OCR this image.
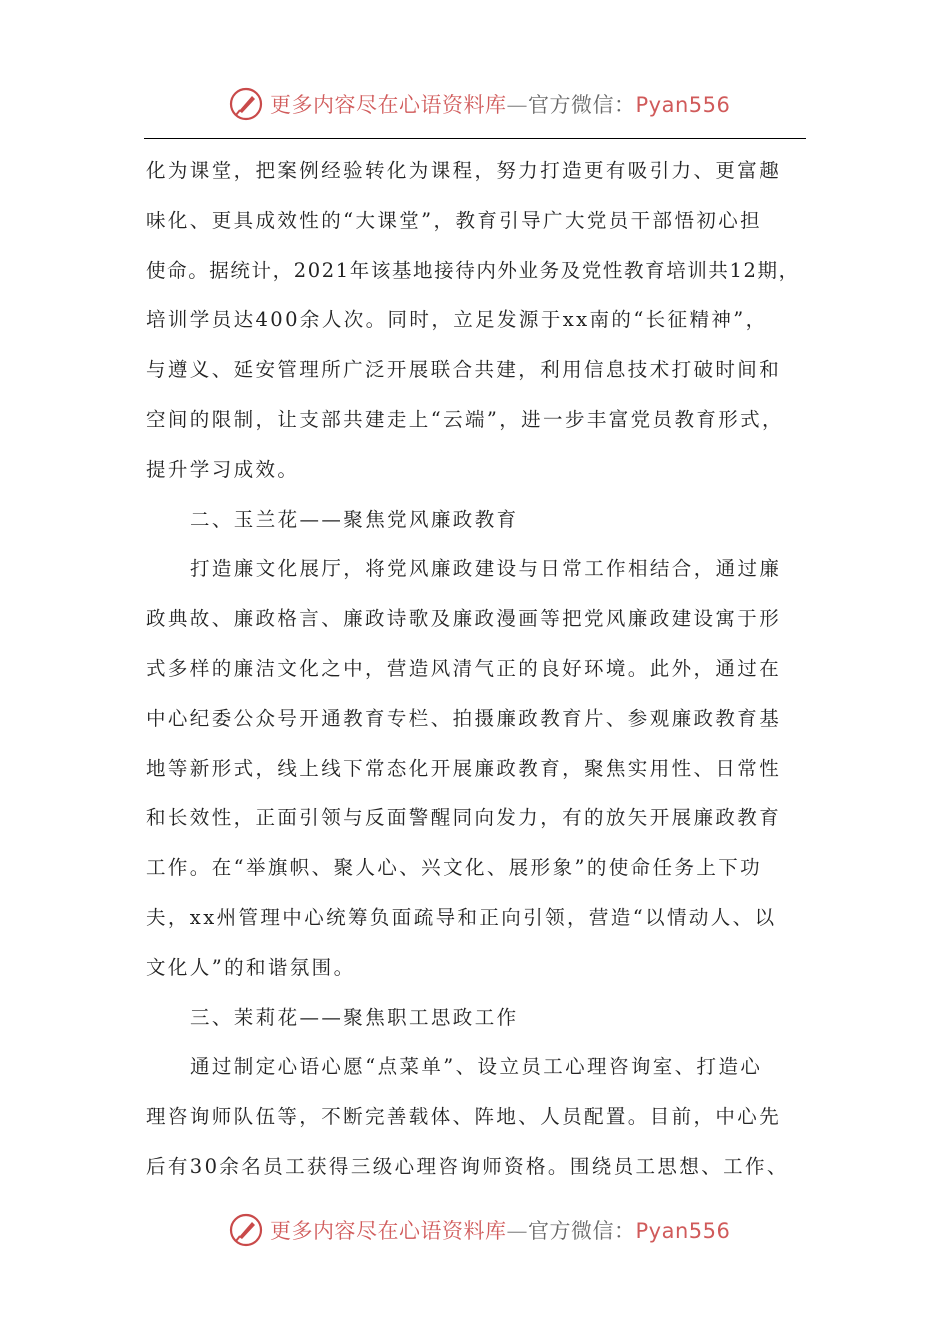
更多内容尽在心语资料库—官方微信：Pyan556
化为课堂，把案例经验转化为课程，努力打造更有吸引力、更富趣
味化、更具成效性的“大课堂”，教育引导广大党员干部悟初心担
使命。据统计，2021年该基地接待内外业务及党性教育培训共12期，
培训学员达400余人次。同时，立足发源于xx南的“长征精神”，
与遵义、延安管理所广泛开展联合共建，利用信息技术打破时间和
空间的限制，让支部共建走上“云端”，进一步丰富党员教育形式，
提升学习成效。
二、玉兰花——聚焦党风廉政教育
打造廉文化展厅，将党风廉政建设与日常工作相结合，通过廉
政典故、廉政格言、廉政诗歌及廉政漫画等把党风廉政建设寓于形
式多样的廉洁文化之中，营造风清气正的良好环境。此外，通过在
中心纪委公众号开通教育专栏、拍摄廉政教育片、参观廉政教育基
地等新形式，线上线下常态化开展廉政教育，聚焦实用性、日常性
和长效性，正面引领与反面警醒同向发力，有的放矢开展廉政教育
工作。在“举旗帜、聚人心、兴文化、展形象”的使命任务上下功
夫，xx州管理中心统筹负面疏导和正向引领，营造“以情动人、以
文化人”的和谐氛围。
三、茉莉花——聚焦职工思政工作
通过制定心语心愿“点菜单”、设立员工心理咨询室、打造心
理咨询师队伍等，不断完善载体、阵地、人员配置。目前，中心先
后有30余名员工获得三级心理咨询师资格。围绕员工思想、工作、
更多内容尽在心语资料库—官方微信：Pyan556
